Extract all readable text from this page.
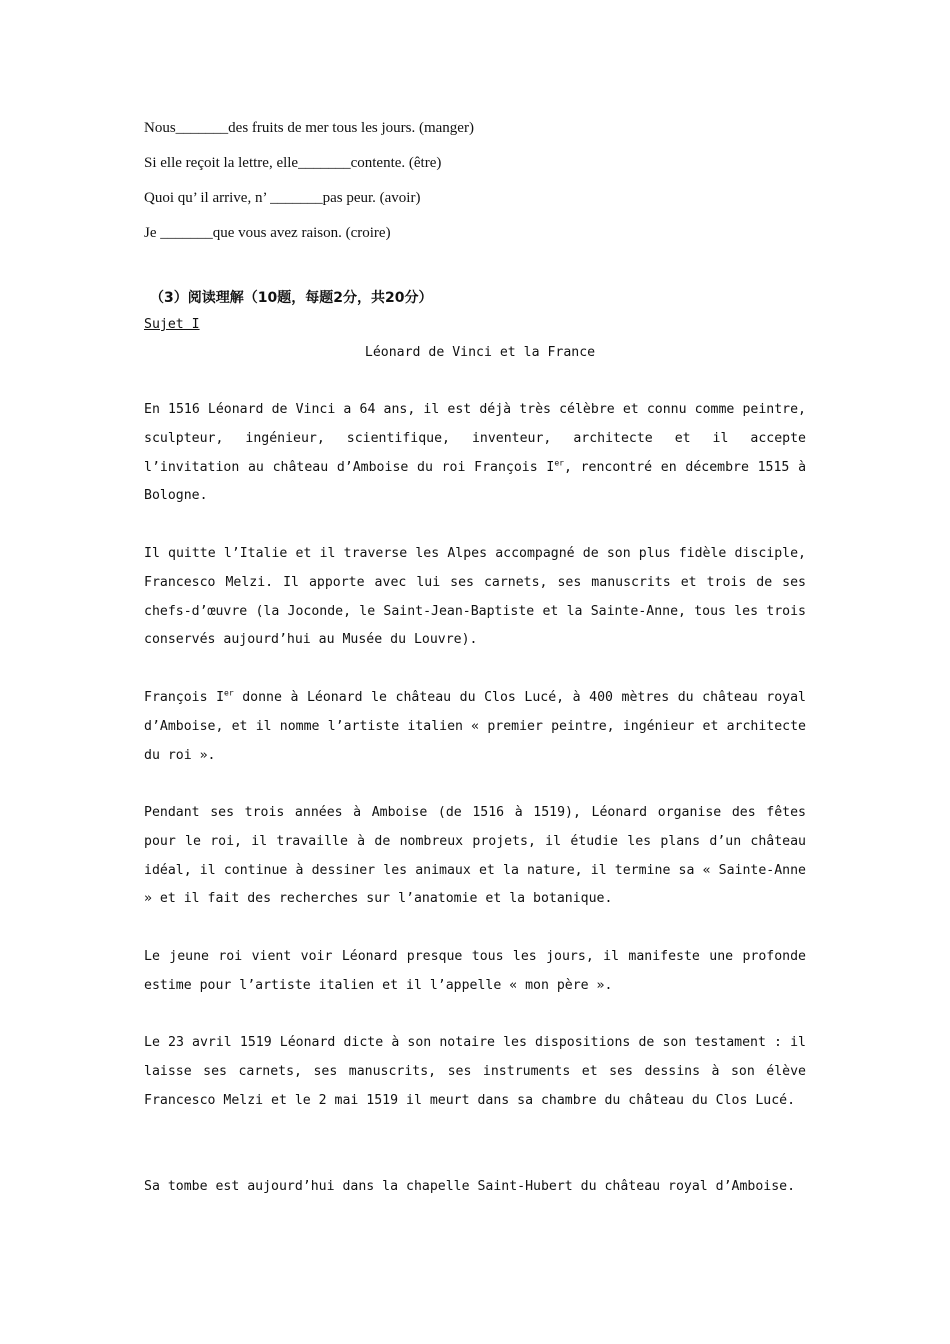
Nous_______des fruits de mer tous les jours. (manger)
Si elle reçoit la lettre, elle_______contente. (être)
Quoi qu’ il arrive, n’ _______pas peur. (avoir)
Je _______que vous avez raison. (croire)
（3）阅读理解（10题，每题2分，共20分）
Sujet I
Léonard de Vinci et la France
En 1516 Léonard de Vinci a 64 ans, il est déjà très célèbre et connu comme peintre, sculpteur, ingénieur, scientifique, inventeur, architecte et il accepte l’invitation au château d’Amboise du roi François Ier, rencontré en décembre 1515 à Bologne.
Il quitte l’Italie et il traverse les Alpes accompagné de son plus fidèle disciple, Francesco Melzi. Il apporte avec lui ses carnets, ses manuscrits et trois de ses chefs-d’œuvre (la Joconde, le Saint-Jean-Baptiste et la Sainte-Anne, tous les trois conservés aujourd’hui au Musée du Louvre).
François Ier donne à Léonard le château du Clos Lucé, à 400 mètres du château royal d’Amboise, et il nomme l’artiste italien « premier peintre, ingénieur et architecte du roi ».
Pendant ses trois années à Amboise (de 1516 à 1519), Léonard organise des fêtes pour le roi, il travaille à de nombreux projets, il étudie les plans d’un château idéal, il continue à dessiner les animaux et la nature, il termine sa « Sainte-Anne » et il fait des recherches sur l’anatomie et la botanique.
Le jeune roi vient voir Léonard presque tous les jours, il manifeste une profonde estime pour l’artiste italien et il l’appelle « mon père ».
Le 23 avril 1519 Léonard dicte à son notaire les dispositions de son testament : il laisse ses carnets, ses manuscrits, ses instruments et ses dessins à son élève Francesco Melzi et le 2 mai 1519 il meurt dans sa chambre du château du Clos Lucé.
Sa tombe est aujourd’hui dans la chapelle Saint-Hubert du château royal d’Amboise.
